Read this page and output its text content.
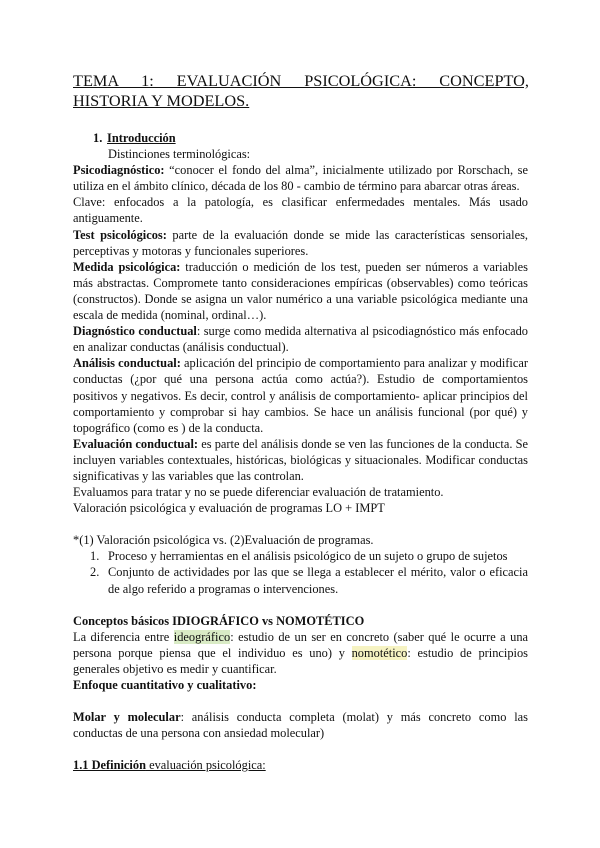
TEMA 1: EVALUACIÓN PSICOLÓGICA: CONCEPTO, HISTORIA Y MODELOS.
1. Introducción
Distinciones terminológicas:

Psicodiagnóstico: “conocer el fondo del alma”, inicialmente utilizado por Rorschach, se utiliza en el ámbito clínico, década de los 80 - cambio de término para abarcar otras áreas.

Clave: enfocados a la patología, es clasificar enfermedades mentales. Más usado antiguamente.

Test psicológicos: parte de la evaluación donde se mide las características sensoriales, perceptivas y motoras y funcionales superiores.

Medida psicológica: traducción o medición de los test, pueden ser números a variables más abstractas. Compromete tanto consideraciones empíricas (observables) como teóricas (constructos). Donde se asigna un valor numérico a una variable psicológica mediante una escala de medida (nominal, ordinal…).

Diagnóstico conductual: surge como medida alternativa al psicodiagnóstico más enfocado en analizar conductas (análisis conductual).

Análisis conductual: aplicación del principio de comportamiento para analizar y modificar conductas (¿por qué una persona actúa como actúa?). Estudio de comportamientos positivos y negativos. Es decir, control y análisis de comportamiento- aplicar principios del comportamiento y comprobar si hay cambios. Se hace un análisis funcional (por qué) y topográfico (como es ) de la conducta.

Evaluación conductual: es parte del análisis donde se ven las funciones de la conducta. Se incluyen variables contextuales, históricas, biológicas y situacionales. Modificar conductas significativas y las variables que las controlan.

Evaluamos para tratar y no se puede diferenciar evaluación de tratamiento.

Valoración psicológica y evaluación de programas LO + IMPT

*(1) Valoración psicológica vs. (2)Evaluación de programas.

1. Proceso y herramientas en el análisis psicológico de un sujeto o grupo de sujetos
2. Conjunto de actividades por las que se llega a establecer el mérito, valor o eficacia de algo referido a programas o intervenciones.

Conceptos básicos IDIOGRÁFICO vs NOMOTÉTICO

La diferencia entre ideográfico: estudio de un ser en concreto (saber qué le ocurre a una persona porque piensa que el individuo es uno) y nomotético: estudio de principios generales objetivo es medir y cuantificar.

Enfoque cuantitativo y cualitativo:

Molar y molecular: análisis conducta completa (molat) y más concreto como las conductas de una persona con ansiedad molecular)

1.1 Definición evaluación psicológica:
